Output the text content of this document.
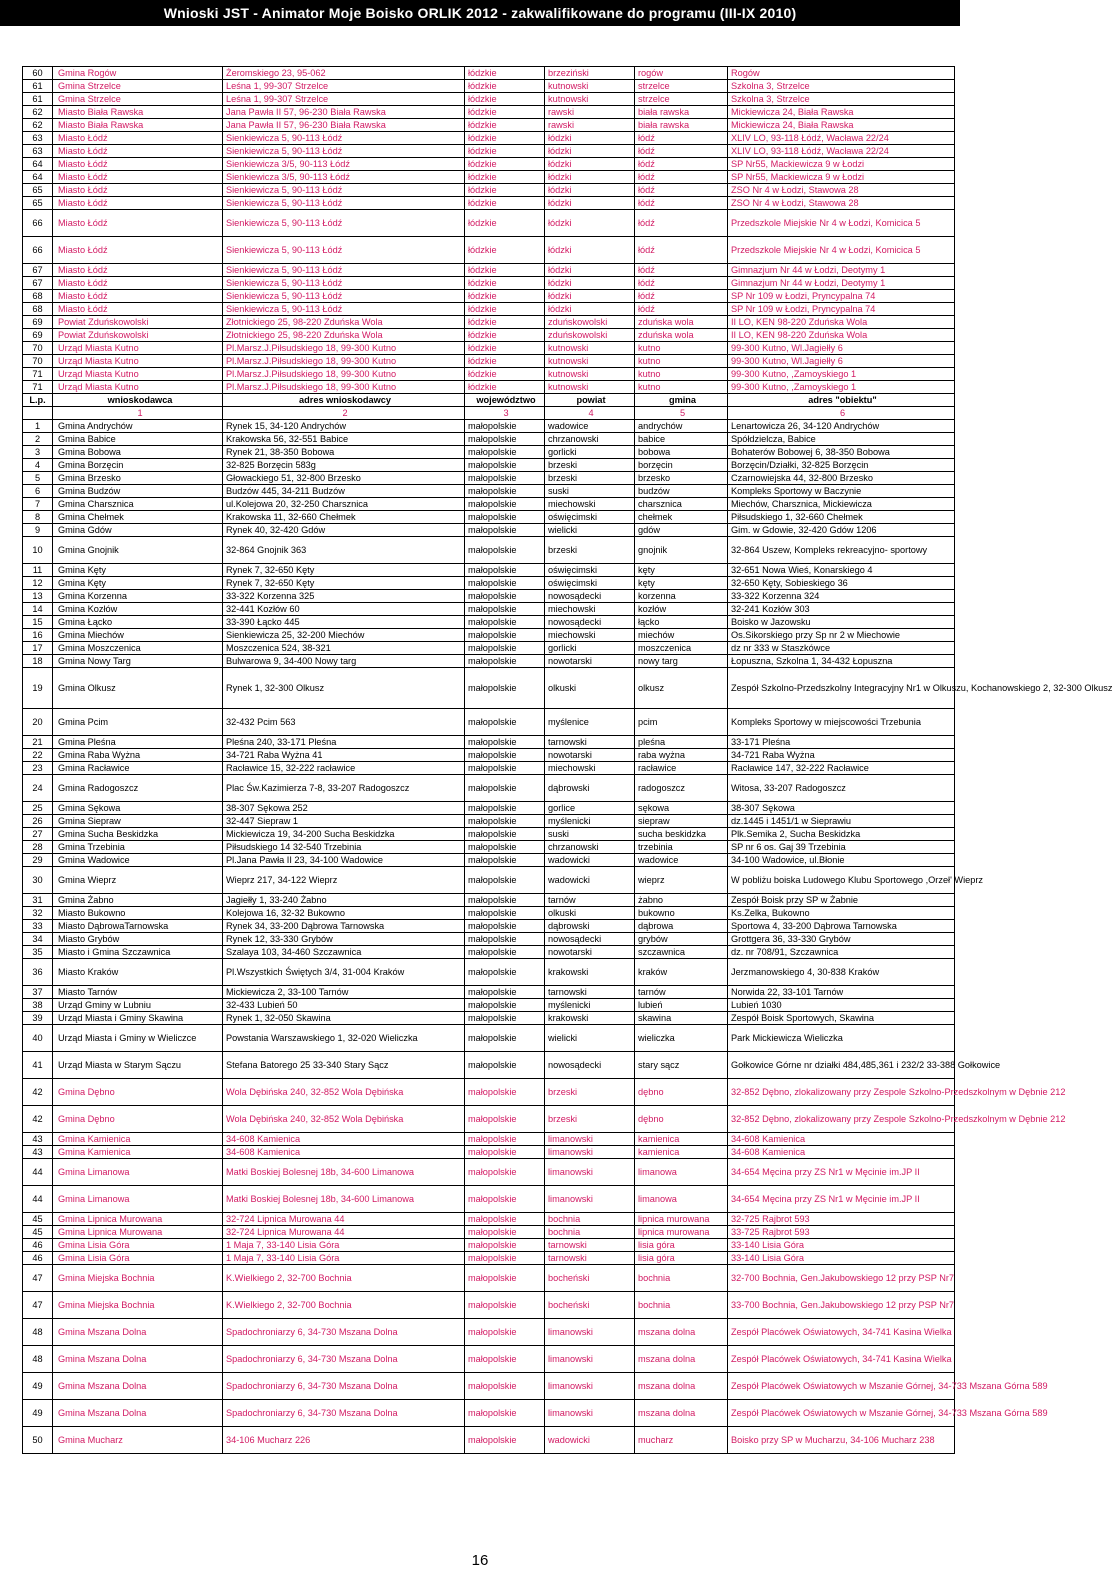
Wnioski JST - Animator Moje Boisko ORLIK 2012 - zakwalifikowane do programu (III-IX 2010)
60	Gmina Rogów	Żeromskiego 23, 95-062	łódzkie	brzeziński	rogów	Rogów
61	Gmina Strzelce	Leśna 1, 99-307 Strzelce	łódzkie	kutnowski	strzelce	Szkolna 3, Strzelce
61	Gmina Strzelce	Leśna 1, 99-307 Strzelce	łódzkie	kutnowski	strzelce	Szkolna 3, Strzelce
62	Miasto Biała Rawska	Jana Pawła II 57, 96-230 Biała Rawska	łódzkie	rawski	biała rawska	Mickiewicza 24, Biała Rawska
62	Miasto Biała Rawska	Jana Pawła II 57, 96-230 Biała Rawska	łódzkie	rawski	biała rawska	Mickiewicza 24, Biała Rawska
63	Miasto Łódź	Sienkiewicza 5, 90-113 Łódź	łódzkie	łódzki	łódź	XLIV LO, 93-118 Łódź, Wacława 22/24
63	Miasto Łódź	Sienkiewicza 5, 90-113 Łódź	łódzkie	łódzki	łódź	XLIV LO, 93-118 Łódź, Wacława 22/24
64	Miasto Łódź	Sienkiewicza 3/5, 90-113 Łódź	łódzkie	łódzki	łódź	SP Nr55, Mackiewicza 9 w Łodzi
64	Miasto Łódź	Sienkiewicza 3/5, 90-113 Łódź	łódzkie	łódzki	łódź	SP Nr55, Mackiewicza 9 w Łodzi
65	Miasto Łódź	Sienkiewicza 5, 90-113 Łódź	łódzkie	łódzki	łódź	ZSO Nr 4 w Łodzi, Stawowa 28
65	Miasto Łódź	Sienkiewicza 5, 90-113 Łódź	łódzkie	łódzki	łódź	ZSO Nr 4 w Łodzi, Stawowa 28
66	Miasto Łódź	Sienkiewicza 5, 90-113 Łódź	łódzkie	łódzki	łódź	Przedszkole Miejskie Nr 4 w Łodzi, Komicica 5
66	Miasto Łódź	Sienkiewicza 5, 90-113 Łódź	łódzkie	łódzki	łódź	Przedszkole Miejskie Nr 4 w Łodzi, Komicica 5
67	Miasto Łódź	Sienkiewicza 5, 90-113 Łódź	łódzkie	łódzki	łódź	Gimnazjum Nr 44 w Łodzi, Deotymy 1
67	Miasto Łódź	Sienkiewicza 5, 90-113 Łódź	łódzkie	łódzki	łódź	Gimnazjum Nr 44 w Łodzi, Deotymy 1
68	Miasto Łódź	Sienkiewicza 5, 90-113 Łódź	łódzkie	łódzki	łódź	SP Nr 109 w Łodzi, Pryncypalna 74
68	Miasto Łódź	Sienkiewicza 5, 90-113 Łódź	łódzkie	łódzki	łódź	SP Nr 109 w Łodzi, Pryncypalna 74
69	Powiat Zduńskowolski	Złotnickiego 25, 98-220 Zduńska Wola	łódzkie	zduńskowolski	zduńska wola	II LO, KEN 98-220 Zduńska Wola
69	Powiat Zduńskowolski	Złotnickiego 25, 98-220 Zduńska Wola	łódzkie	zduńskowolski	zduńska wola	II LO, KEN 98-220 Zduńska Wola
70	Urząd Miasta Kutno	Pl.Marsz.J.Piłsudskiego 18, 99-300 Kutno	łódzkie	kutnowski	kutno	99-300 Kutno, Wl.Jagiełły 6
70	Urząd Miasta Kutno	Pl.Marsz.J.Piłsudskiego 18, 99-300 Kutno	łódzkie	kutnowski	kutno	99-300 Kutno, Wl.Jagiełły 6
71	Urząd Miasta Kutno	Pl.Marsz.J.Piłsudskiego 18, 99-300 Kutno	łódzkie	kutnowski	kutno	99-300 Kutno, ,Zamoyskiego 1
71	Urząd Miasta Kutno	Pl.Marsz.J.Piłsudskiego 18, 99-300 Kutno	łódzkie	kutnowski	kutno	99-300 Kutno, ,Zamoyskiego 1
L.p.	wnioskodawca	adres wnioskodawcy	województwo	powiat	gmina	adres "obiektu"
	1	2	3	4	5	6
1	Gmina Andrychów	Rynek 15, 34-120 Andrychów	małopolskie	wadowice	andrychów	Lenartowicza 26, 34-120 Andrychów
2	Gmina Babice	Krakowska 56, 32-551 Babice	małopolskie	chrzanowski	babice	Spółdzielcza, Babice
3	Gmina Bobowa	Rynek 21, 38-350 Bobowa	małopolskie	gorlicki	bobowa	Bohaterów Bobowej 6, 38-350 Bobowa
4	Gmina Borzęcin	32-825 Borzęcin 583g	małopolskie	brzeski	borzęcin	Borzęcin/Działki, 32-825 Borzęcin
5	Gmina Brzesko	Głowackiego 51, 32-800 Brzesko	małopolskie	brzeski	brzesko	Czarnowiejska 44, 32-800 Brzesko
6	Gmina Budzów	Budzów 445, 34-211 Budzów	małopolskie	suski	budzów	Kompleks Sportowy w Baczynie
7	Gmina Charsznica	ul.Kolejowa 20, 32-250 Charsznica	małopolskie	miechowski	charsznica	Miechów, Charsznica, Mickiewicza
8	Gmina Chełmek	Krakowska 11, 32-660 Chełmek	małopolskie	oświęcimski	chełmek	Piłsudskiego 1, 32-660 Chełmek
9	Gmina Gdów	Rynek 40, 32-420 Gdów	małopolskie	wielicki	gdów	Gim. w Gdowie, 32-420 Gdów 1206
10	Gmina Gnojnik	32-864 Gnojnik 363	małopolskie	brzeski	gnojnik	32-864 Uszew, Kompleks rekreacyjno- sportowy
11	Gmina Kęty	Rynek 7, 32-650 Kęty	małopolskie	oświęcimski	kęty	32-651 Nowa Wieś, Konarskiego 4
12	Gmina Kęty	Rynek 7, 32-650 Kęty	małopolskie	oświęcimski	kęty	32-650 Kęty, Sobieskiego 36
13	Gmina Korzenna	33-322 Korzenna 325	małopolskie	nowosądecki	korzenna	33-322 Korzenna 324
14	Gmina Kozłów	32-441 Kozłów 60	małopolskie	miechowski	kozłów	32-241 Kozłów 303
15	Gmina Łącko	33-390 Łącko 445	małopolskie	nowosądecki	łącko	Boisko w Jazowsku
16	Gmina Miechów	Sienkiewicza 25, 32-200 Miechów	małopolskie	miechowski	miechów	Os.Sikorskiego przy Sp nr 2 w Miechowie
17	Gmina Moszczenica	Moszczenica 524, 38-321	małopolskie	gorlicki	moszczenica	dz nr 333 w Staszkówce
18	Gmina Nowy Targ	Bulwarowa 9, 34-400 Nowy targ	małopolskie	nowotarski	nowy targ	Łopuszna, Szkolna 1, 34-432 Łopuszna
19	Gmina Olkusz	Rynek 1, 32-300 Olkusz	małopolskie	olkuski	olkusz	Zespół Szkolno-Przedszkolny Integracyjny Nr1 w Olkuszu, Kochanowskiego 2, 32-300 Olkusz
20	Gmina Pcim	32-432 Pcim 563	małopolskie	myślenice	pcim	Kompleks Sportowy w miejscowości Trzebunia
21	Gmina Pleśna	Pleśna 240, 33-171 Pleśna	małopolskie	tarnowski	pleśna	33-171 Pleśna
22	Gmina Raba Wyżna	34-721 Raba Wyżna 41	małopolskie	nowotarski	raba wyżna	34-721 Raba Wyżna
23	Gmina Racławice	Racławice 15, 32-222 racławice	małopolskie	miechowski	racławice	Racławice 147, 32-222 Racławice
24	Gmina Radogoszcz	Plac Św.Kazimierza 7-8, 33-207 Radogoszcz	małopolskie	dąbrowski	radogoszcz	Witosa, 33-207 Radogoszcz
25	Gmina Sękowa	38-307 Sękowa 252	małopolskie	gorlice	sękowa	38-307 Sękowa
26	Gmina Siepraw	32-447 Siepraw 1	małopolskie	myślenicki	siepraw	dz.1445 i 1451/1 w Sieprawiu
27	Gmina Sucha Beskidzka	Mickiewicza 19, 34-200 Sucha Beskidzka	małopolskie	suski	sucha beskidzka	Plk.Semika 2, Sucha Beskidzka
28	Gmina Trzebinia	Piłsudskiego 14 32-540 Trzebinia	małopolskie	chrzanowski	trzebinia	SP nr 6 os. Gaj 39 Trzebinia
29	Gmina Wadowice	Pl.Jana Pawła II 23, 34-100 Wadowice	małopolskie	wadowicki	wadowice	34-100 Wadowice, ul.Błonie
30	Gmina Wieprz	Wieprz 217, 34-122 Wieprz	małopolskie	wadowicki	wieprz	W pobliżu boiska Ludowego Klubu Sportowego ,Orzeł' Wieprz
31	Gmina Żabno	Jagiełły 1, 33-240 Żabno	małopolskie	tarnów	żabno	Zespół Boisk przy SP w Żabnie
32	Miasto Bukowno	Kolejowa 16, 32-32 Bukowno	małopolskie	olkuski	bukowno	Ks.Zelka, Bukowno
33	Miasto DąbrowaTarnowska	Rynek 34, 33-200 Dąbrowa Tarnowska	małopolskie	dąbrowski	dąbrowa	Sportowa 4, 33-200 Dąbrowa Tarnowska
34	Miasto Grybów	Rynek 12, 33-330 Grybów	małopolskie	nowosądecki	grybów	Grottgera 36, 33-330 Grybów
35	Miasto i Gmina Szczawnica	Szalaya 103, 34-460 Szczawnica	małopolskie	nowotarski	szczawnica	dz. nr 708/91, Szczawnica
36	Miasto Kraków	Pl.Wszystkich Świętych 3/4, 31-004 Kraków	małopolskie	krakowski	kraków	Jerzmanowskiego 4, 30-838 Kraków
37	Miasto Tarnów	Mickiewicza 2, 33-100 Tarnów	małopolskie	tarnowski	tarnów	Norwida 22, 33-101 Tarnów
38	Urząd Gminy w Lubniu	32-433 Lubień 50	małopolskie	myślenicki	lubień	Lubień 1030
39	Urząd Miasta i Gminy Skawina	Rynek 1, 32-050 Skawina	małopolskie	krakowski	skawina	Zespół Boisk Sportowych, Skawina
40	Urząd Miasta i Gminy w Wieliczce	Powstania Warszawskiego 1, 32-020 Wieliczka	małopolskie	wielicki	wieliczka	Park Mickiewicza Wieliczka
41	Urząd Miasta w Starym Sączu	Stefana Batorego 25 33-340 Stary Sącz	małopolskie	nowosądecki	stary sącz	Gołkowice Górne nr działki 484,485,361 i 232/2 33-388 Gołkowice
42	Gmina Dębno	Wola Dębińska 240, 32-852 Wola Dębińska	małopolskie	brzeski	dębno	32-852 Dębno, zlokalizowany przy Zespole Szkolno-Przedszkolnym w Dębnie 212
42	Gmina Dębno	Wola Dębińska 240, 32-852 Wola Dębińska	małopolskie	brzeski	dębno	32-852 Dębno, zlokalizowany przy Zespole Szkolno-Przedszkolnym w Dębnie 212
43	Gmina Kamienica	34-608 Kamienica	małopolskie	limanowski	kamienica	34-608 Kamienica
43	Gmina Kamienica	34-608 Kamienica	małopolskie	limanowski	kamienica	34-608 Kamienica
44	Gmina Limanowa	Matki Boskiej Bolesnej 18b, 34-600 Limanowa	małopolskie	limanowski	limanowa	34-654 Męcina przy ZS Nr1 w Męcinie im.JP II
44	Gmina Limanowa	Matki Boskiej Bolesnej 18b, 34-600 Limanowa	małopolskie	limanowski	limanowa	34-654 Męcina przy ZS Nr1 w Męcinie im.JP II
45	Gmina Lipnica Murowana	32-724 Lipnica Murowana 44	małopolskie	bochnia	lipnica murowana	32-725 Rajbrot 593
45	Gmina Lipnica Murowana	32-724 Lipnica Murowana 44	małopolskie	bochnia	lipnica murowana	33-725 Rajbrot 593
46	Gmina Lisia Góra	1 Maja 7, 33-140 Lisia Góra	małopolskie	tarnowski	lisia góra	33-140 Lisia Góra
46	Gmina Lisia Góra	1 Maja 7, 33-140 Lisia Góra	małopolskie	tarnowski	lisia góra	33-140 Lisia Góra
47	Gmina Miejska Bochnia	K.Wielkiego 2, 32-700 Bochnia	małopolskie	bocheński	bochnia	32-700 Bochnia, Gen.Jakubowskiego 12 przy PSP Nr7
47	Gmina Miejska Bochnia	K.Wielkiego 2, 32-700 Bochnia	małopolskie	bocheński	bochnia	33-700 Bochnia, Gen.Jakubowskiego 12 przy PSP Nr7
48	Gmina Mszana Dolna	Spadochroniarzy 6, 34-730 Mszana Dolna	małopolskie	limanowski	mszana dolna	Zespół Placówek Oświatowych, 34-741 Kasina Wielka
48	Gmina Mszana Dolna	Spadochroniarzy 6, 34-730 Mszana Dolna	małopolskie	limanowski	mszana dolna	Zespół Placówek Oświatowych, 34-741 Kasina Wielka
49	Gmina Mszana Dolna	Spadochroniarzy 6, 34-730 Mszana Dolna	małopolskie	limanowski	mszana dolna	Zespół Placówek Oświatowych w Mszanie Górnej, 34-733 Mszana Górna 589
49	Gmina Mszana Dolna	Spadochroniarzy 6, 34-730 Mszana Dolna	małopolskie	limanowski	mszana dolna	Zespół Placówek Oświatowych w Mszanie Górnej, 34-733 Mszana Górna 589
50	Gmina Mucharz	34-106 Mucharz 226	małopolskie	wadowicki	mucharz	Boisko przy SP w Mucharzu, 34-106 Mucharz 238
16
